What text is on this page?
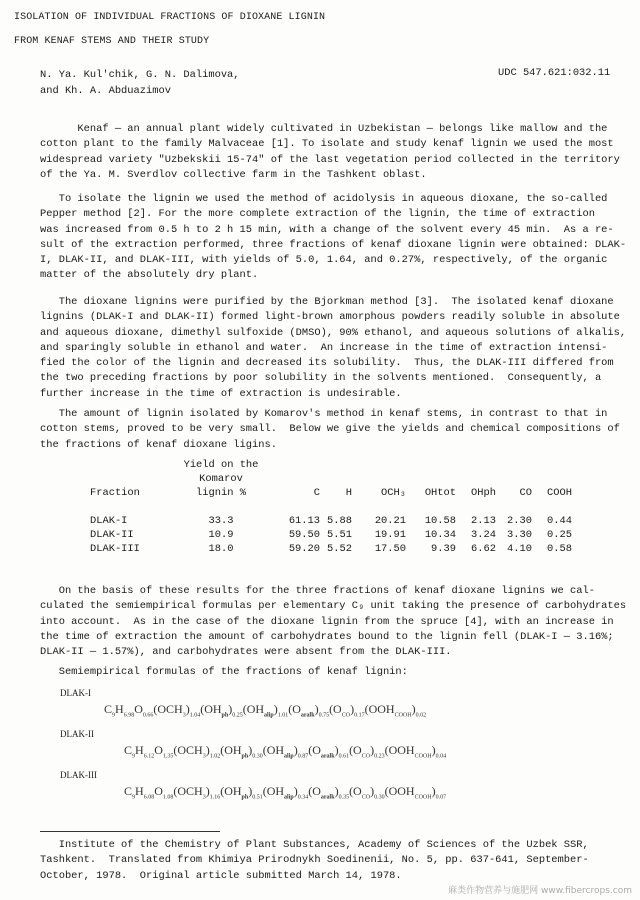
ISOLATION OF INDIVIDUAL FRACTIONS OF DIOXANE LIGNIN
FROM KENAF STEMS AND THEIR STUDY
N. Ya. Kul'chik, G. N. Dalimova,
and Kh. A. Abduazimov
UDC 547.621:032.11
Kenaf — an annual plant widely cultivated in Uzbekistan — belongs like mallow and the
cotton plant to the family Malvaceae [1]. To isolate and study kenaf lignin we used the most
widespread variety "Uzbekskii 15-74" of the last vegetation period collected in the territory
of the Ya. M. Sverdlov collective farm in the Tashkent oblast.
To isolate the lignin we used the method of acidolysis in aqueous dioxane, the so-called
Pepper method [2]. For the more complete extraction of the lignin, the time of extraction
was increased from 0.5 h to 2 h 15 min, with a change of the solvent every 45 min.  As a re-
sult of the extraction performed, three fractions of kenaf dioxane lignin were obtained: DLAK-
I, DLAK-II, and DLAK-III, with yields of 5.0, 1.64, and 0.27%, respectively, of the organic
matter of the absolutely dry plant.
The dioxane lignins were purified by the Bjorkman method [3].  The isolated kenaf dioxane
lignins (DLAK-I and DLAK-II) formed light-brown amorphous powders readily soluble in absolute
and aqueous dioxane, dimethyl sulfoxide (DMSO), 90% ethanol, and aqueous solutions of alkalis,
and sparingly soluble in ethanol and water.  An increase in the time of extraction intensi-
fied the color of the lignin and decreased its solubility.  Thus, the DLAK-III differed from
the two preceding fractions by poor solubility in the solvents mentioned.  Consequently, a
further increase in the time of extraction is undesirable.
The amount of lignin isolated by Komarov's method in kenaf stems, in contrast to that in
cotton stems, proved to be very small.  Below we give the yields and chemical compositions of
the fractions of kenaf dioxane ligins.
Fraction	Yield on the Komarov lignin %	C	H	OCH₃	OHtot	OHph	CO	COOH
DLAK-I	33.3	61.13	5.88	20.21	10.58	2.13	2.30	0.44
DLAK-II	10.9	59.50	5.51	19.91	10.34	3.24	3.30	0.25
DLAK-III	18.0	59.20	5.52	17.50	9.39	6.62	4.10	0.58
On the basis of these results for the three fractions of kenaf dioxane lignins we cal-
culated the semiempirical formulas per elementary C₉ unit taking the presence of carbohydrates
into account.  As in the case of the dioxane lignin from the spruce [4], with an increase in
the time of extraction the amount of carbohydrates bound to the lignin fell (DLAK-I — 3.16%;
DLAK-II — 1.57%), and carbohydrates were absent from the DLAK-III.
Semiempirical formulas of the fractions of kenaf lignin:
DLAK-I
$C_9H_{6.98}O_{0.66}(OCH_3)_{1.04}(OH_{ph})_{0.25}(OH_{alip})_{1.01}(O_{aralk})_{0.75}(O_{CO})_{0.17}(OOH_{COOH})_{0.02}$
DLAK-II
$C_9H_{6.12}O_{1.35}(OCH_3)_{1.02}(OH_{ph})_{0.30}(OH_{alip})_{0.87}(O_{aralk})_{0.61}(O_{CO})_{0.23}(OOH_{COOH})_{0.04}$
DLAK-III
$C_9H_{6.08}O_{1.08}(OCH_3)_{1.16}(OH_{ph})_{0.51}(OH_{alip})_{0.34}(O_{aralk})_{0.35}(O_{CO})_{0.30}(OOH_{COOH})_{0.07}$
Institute of the Chemistry of Plant Substances, Academy of Sciences of the Uzbek SSR,
Tashkent.  Translated from Khimiya Prirodnykh Soedinenii, No. 5, pp. 637-641, September-
October, 1978.  Original article submitted March 14, 1978.
麻类作物营养与施肥网 www.fibercrops.com
